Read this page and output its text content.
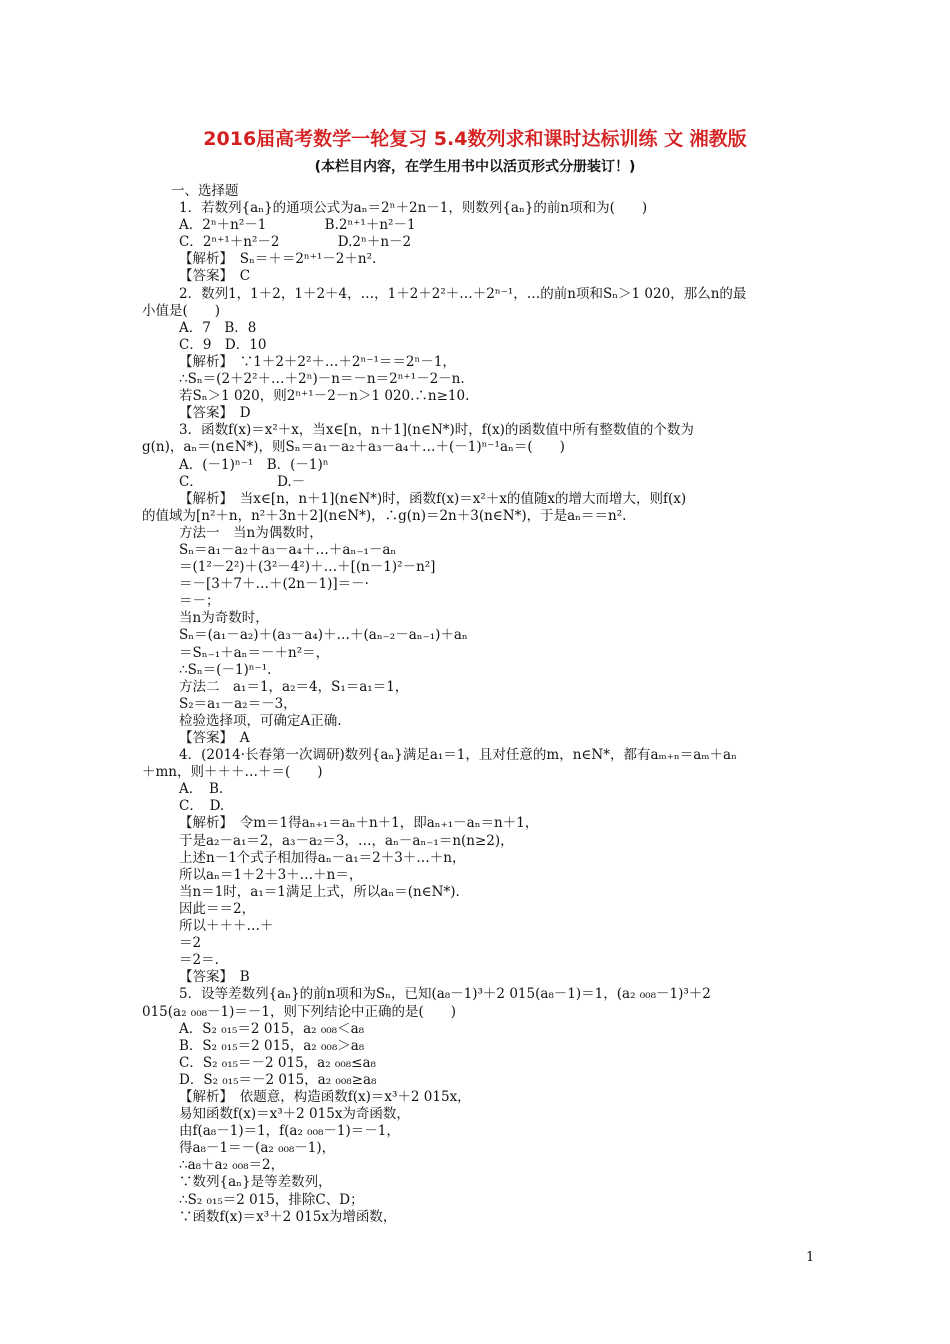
2016届高考数学一轮复习 5.4数列求和课时达标训练 文 湘教版
(本栏目内容，在学生用书中以活页形式分册装订！)
一、选择题
1．若数列{aₙ}的通项公式为aₙ＝2ⁿ＋2n－1，则数列{aₙ}的前n项和为(　　)
A．2ⁿ＋n²－1　　　　 B.2ⁿ⁺¹＋n²－1
C．2ⁿ⁺¹＋n²－2　　　　 D.2ⁿ＋n－2
【解析】　Sₙ＝＋＝2ⁿ⁺¹－2＋n².
【答案】　C
2．数列1，1＋2，1＋2＋4，…，1＋2＋2²＋…＋2ⁿ⁻¹，…的前n项和Sₙ＞1 020，那么n的最
小值是(　　)
A．7　B．8
C．9　D．10
【解析】　∵1＋2＋2²＋…＋2ⁿ⁻¹＝＝2ⁿ－1，
∴Sₙ＝(2＋2²＋…＋2ⁿ)－n＝－n＝2ⁿ⁺¹－2－n.
若Sₙ＞1 020，则2ⁿ⁺¹－2－n＞1 020.∴n≥10.
【答案】　D
3．函数f(x)＝x²＋x，当x∈[n，n＋1](n∈N*)时，f(x)的函数值中所有整数值的个数为
g(n)，aₙ＝(n∈N*)，则Sₙ＝a₁－a₂＋a₃－a₄＋…＋(－1)ⁿ⁻¹aₙ＝(　　)
A．(－1)ⁿ⁻¹　B．(－1)ⁿ
C．　　　　　　D.－
【解析】　当x∈[n，n＋1](n∈N*)时，函数f(x)＝x²＋x的值随x的增大而增大，则f(x)
的值域为[n²＋n，n²＋3n＋2](n∈N*)，∴g(n)＝2n＋3(n∈N*)，于是aₙ＝＝n².
方法一　当n为偶数时，
Sₙ＝a₁－a₂＋a₃－a₄＋…＋aₙ₋₁－aₙ
＝(1²－2²)＋(3²－4²)＋…＋[(n－1)²－n²]
＝－[3＋7＋…＋(2n－1)]＝－·
＝－；
当n为奇数时，
Sₙ＝(a₁－a₂)＋(a₃－a₄)＋…＋(aₙ₋₂－aₙ₋₁)＋aₙ
＝Sₙ₋₁＋aₙ＝－＋n²＝，
∴Sₙ＝(－1)ⁿ⁻¹.
方法二　a₁＝1，a₂＝4，S₁＝a₁＝1，
S₂＝a₁－a₂＝－3，
检验选择项，可确定A正确.
【答案】　A
4．(2014·长春第一次调研)数列{aₙ}满足a₁＝1，且对任意的m，n∈N*，都有aₘ₊ₙ＝aₘ＋aₙ
＋mn，则＋＋＋…＋＝(　　)
A．　B.
C．　D.
【解析】　令m＝1得aₙ₊₁＝aₙ＋n＋1，即aₙ₊₁－aₙ＝n＋1，
于是a₂－a₁＝2，a₃－a₂＝3，…，aₙ－aₙ₋₁＝n(n≥2)，
上述n－1个式子相加得aₙ－a₁＝2＋3＋…＋n，
所以aₙ＝1＋2＋3＋…＋n＝，
当n＝1时，a₁＝1满足上式，所以aₙ＝(n∈N*).
因此＝＝2，
所以＋＋＋…＋
＝2
＝2＝.
【答案】　B
5．设等差数列{aₙ}的前n项和为Sₙ，已知(a₈－1)³＋2 015(a₈－1)＝1，(a₂ ₀₀₈－1)³＋2
015(a₂ ₀₀₈－1)＝－1，则下列结论中正确的是(　　)
A．S₂ ₀₁₅＝2 015，a₂ ₀₀₈＜a₈
B．S₂ ₀₁₅＝2 015，a₂ ₀₀₈＞a₈
C．S₂ ₀₁₅＝－2 015，a₂ ₀₀₈≤a₈
D．S₂ ₀₁₅＝－2 015，a₂ ₀₀₈≥a₈
【解析】　依题意，构造函数f(x)＝x³＋2 015x，
易知函数f(x)＝x³＋2 015x为奇函数，
由f(a₈－1)＝1，f(a₂ ₀₀₈－1)＝－1，
得a₈－1＝－(a₂ ₀₀₈－1)，
∴a₈＋a₂ ₀₀₈＝2，
∵数列{aₙ}是等差数列，
∴S₂ ₀₁₅＝2 015，排除C、D；
∵函数f(x)＝x³＋2 015x为增函数，
1
